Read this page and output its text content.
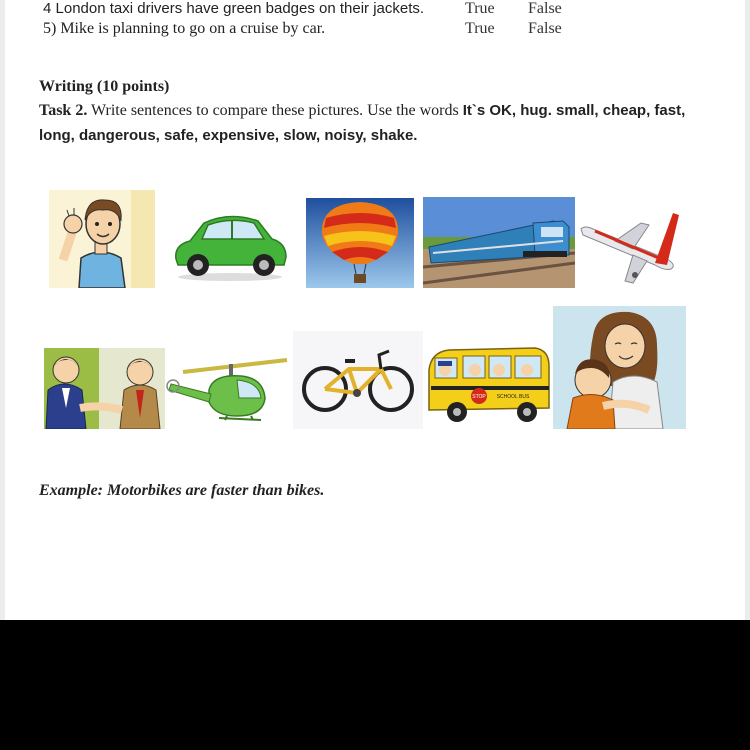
4 London taxi drivers have green badges on their jackets.	True False
5) Mike is planning to go on a cruise by car.	True False
Writing (10 points)
Task 2. Write sentences to compare these pictures. Use the words It`s OK, hug. small, cheap, fast, long, dangerous, safe, expensive, slow, noisy, shake.
STOP SCHOOL BUS
Example: Motorbikes are faster than bikes.
